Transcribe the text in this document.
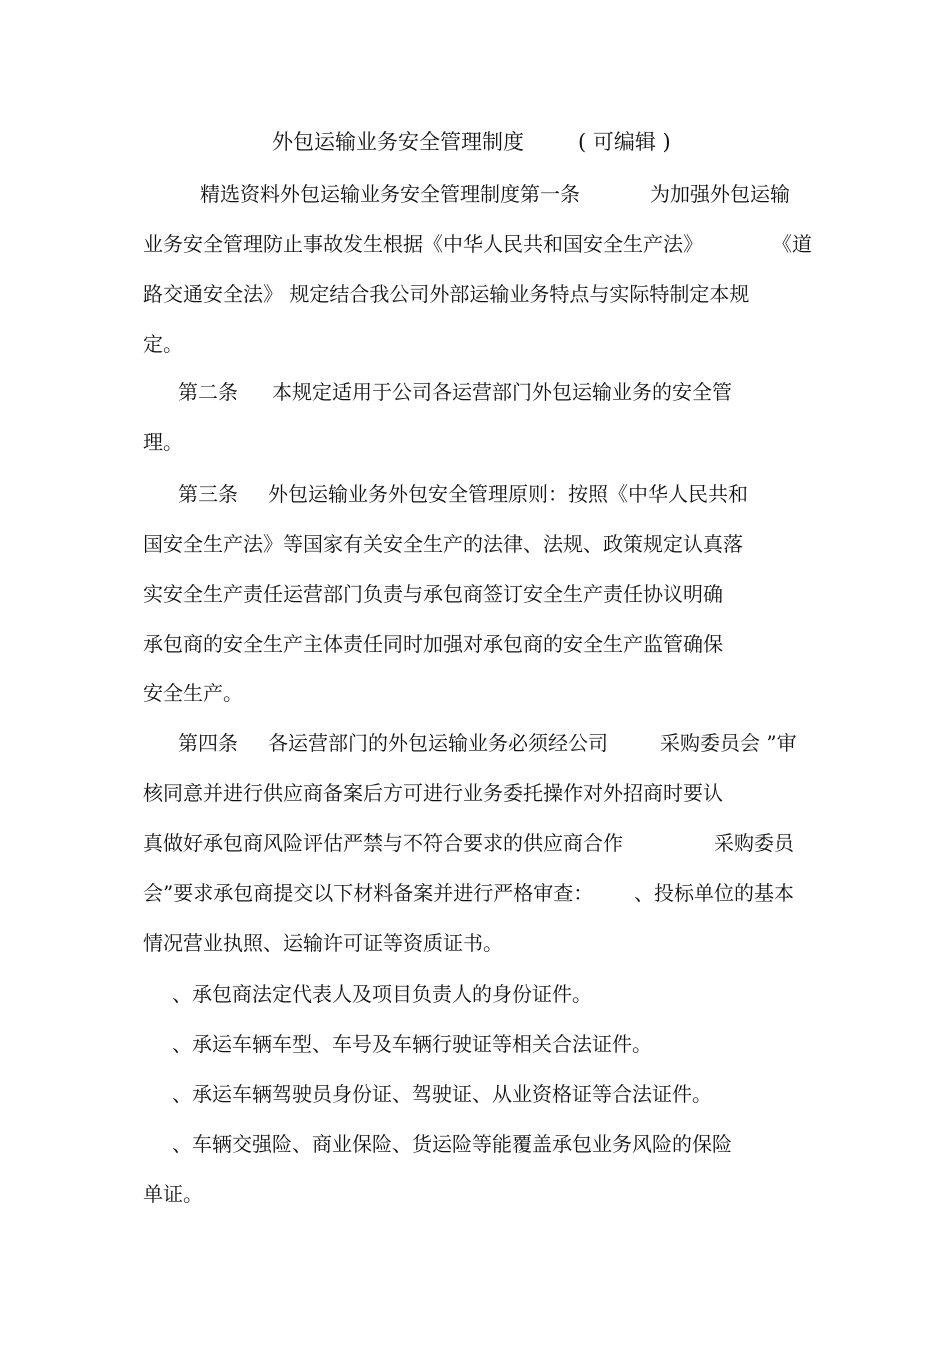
外包运输业务安全管理制度	( 可编辑 )
精选资料外包运输业务安全管理制度第一条	为加强外包运输
业务安全管理防止事故发生根据《中华人民共和国安全生产法》	《道
路交通安全法》 规定结合我公司外部运输业务特点与实际特制定本规
定。
第二条 本规定适用于公司各运营部门外包运输业务的安全管
理。
第三条 外包运输业务外包安全管理原则：按照《中华人民共和
国安全生产法》等国家有关安全生产的法律、法规、政策规定认真落
实安全生产责任运营部门负责与承包商签订安全生产责任协议明确
承包商的安全生产主体责任同时加强对承包商的安全生产监管确保
安全生产。
第四条 各运营部门的外包运输业务必须经公司	采购委员会 ”审
核同意并进行供应商备案后方可进行业务委托操作对外招商时要认
真做好承包商风险评估严禁与不符合要求的供应商合作	采购委员
会”要求承包商提交以下材料备案并进行严格审查： 、投标单位的基本
情况营业执照、运输许可证等资质证书。
、承包商法定代表人及项目负责人的身份证件。
、承运车辆车型、车号及车辆行驶证等相关合法证件。
、承运车辆驾驶员身份证、驾驶证、从业资格证等合法证件。
、车辆交强险、商业保险、货运险等能覆盖承包业务风险的保险
单证。
